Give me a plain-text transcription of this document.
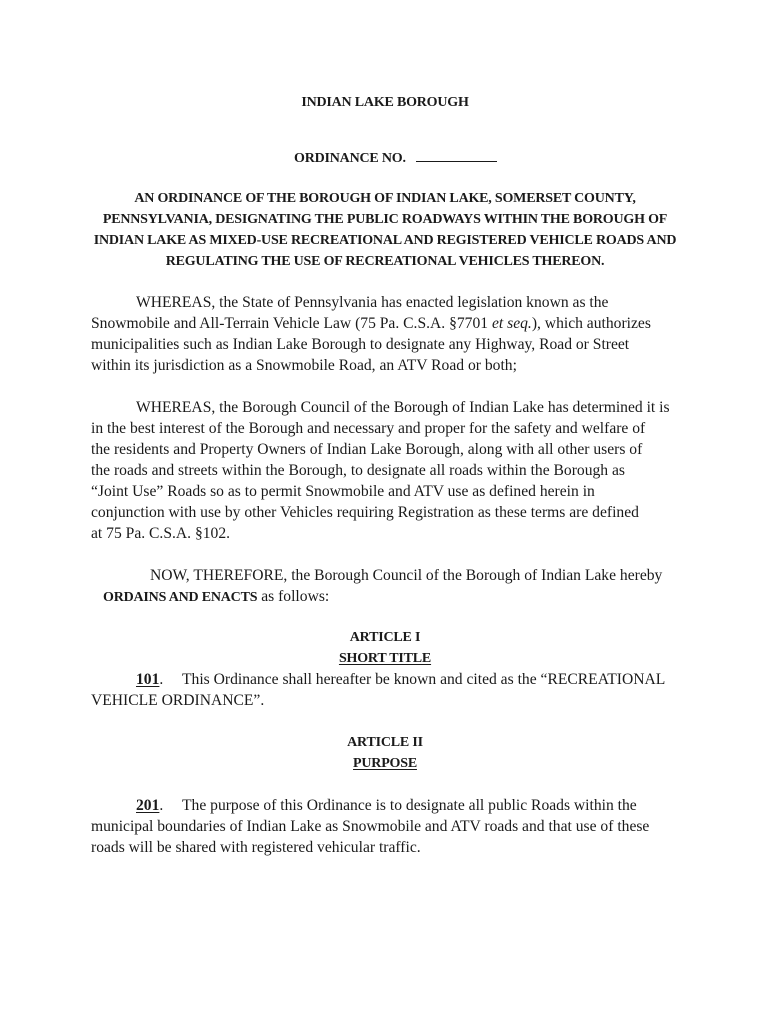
INDIAN LAKE BOROUGH
ORDINANCE NO.
AN ORDINANCE OF THE BOROUGH OF INDIAN LAKE, SOMERSET COUNTY,
PENNSYLVANIA, DESIGNATING THE PUBLIC ROADWAYS WITHIN THE BOROUGH OF
INDIAN LAKE AS MIXED-USE RECREATIONAL AND REGISTERED VEHICLE ROADS AND
REGULATING THE USE OF RECREATIONAL VEHICLES THEREON.
WHEREAS, the State of Pennsylvania has enacted legislation known as the
Snowmobile and All-Terrain Vehicle Law (75 Pa. C.S.A. §7701 et seq.), which authorizes
municipalities such as Indian Lake Borough to designate any Highway, Road or Street
within its jurisdiction as a Snowmobile Road, an ATV Road or both;
WHEREAS, the Borough Council of the Borough of Indian Lake has determined it is
in the best interest of the Borough and necessary and proper for the safety and welfare of
the residents and Property Owners of Indian Lake Borough, along with all other users of
the roads and streets within the Borough, to designate all roads within the Borough as
“Joint Use” Roads so as to permit Snowmobile and ATV use as defined herein in
conjunction with use by other Vehicles requiring Registration as these terms are defined
at 75 Pa. C.S.A. §102.
NOW, THEREFORE, the Borough Council of the Borough of Indian Lake hereby
ORDAINS AND ENACTS as follows:
ARTICLE I
SHORT TITLE
101. This Ordinance shall hereafter be known and cited as the “RECREATIONAL
VEHICLE ORDINANCE”.
ARTICLE II
PURPOSE
201. The purpose of this Ordinance is to designate all public Roads within the
municipal boundaries of Indian Lake as Snowmobile and ATV roads and that use of these
roads will be shared with registered vehicular traffic.
